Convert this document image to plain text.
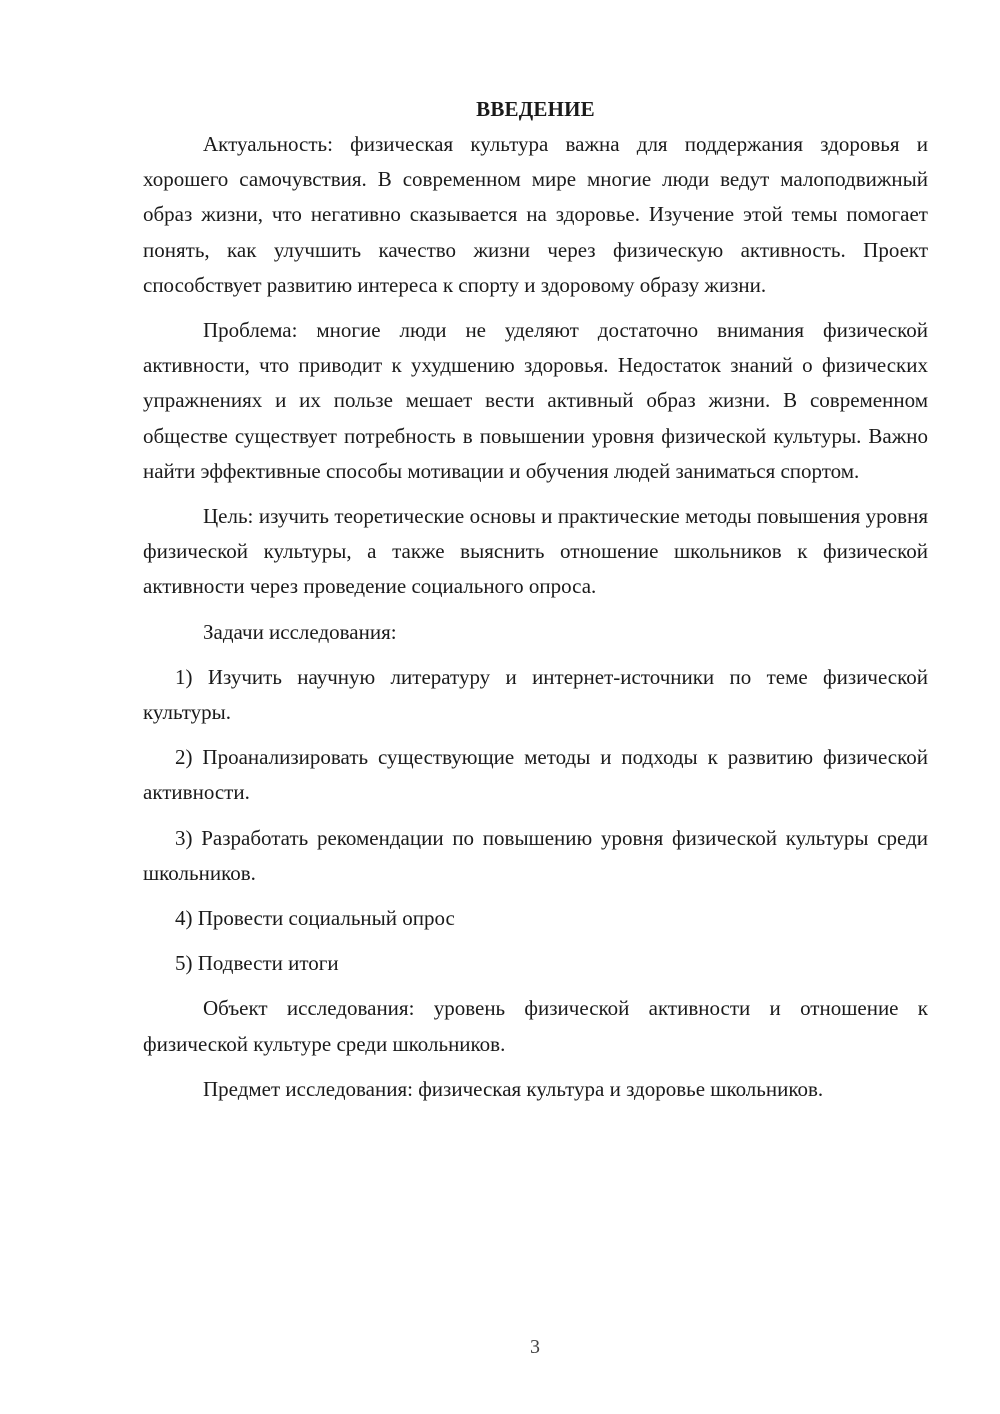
ВВЕДЕНИЕ

Актуальность: физическая культура важна для поддержания здоровья и хорошего самочувствия. В современном мире многие люди ведут малоподвижный образ жизни, что негативно сказывается на здоровье. Изучение этой темы помогает понять, как улучшить качество жизни через физическую активность. Проект способствует развитию интереса к спорту и здоровому образу жизни.

Проблема: многие люди не уделяют достаточно внимания физической активности, что приводит к ухудшению здоровья. Недостаток знаний о физических упражнениях и их пользе мешает вести активный образ жизни. В современном обществе существует потребность в повышении уровня физической культуры. Важно найти эффективные способы мотивации и обучения людей заниматься спортом.

Цель: изучить теоретические основы и практические методы повышения уровня физической культуры, а также выяснить отношение школьников к физической активности через проведение социального опроса.

Задачи исследования:

1) Изучить научную литературу и интернет-источники по теме физической культуры.

2) Проанализировать существующие методы и подходы к развитию физической активности.

3) Разработать рекомендации по повышению уровня физической культуры среди школьников.

4) Провести социальный опрос

5) Подвести итоги

Объект исследования: уровень физической активности и отношение к физической культуре среди школьников.

Предмет исследования: физическая культура и здоровье школьников.

3
